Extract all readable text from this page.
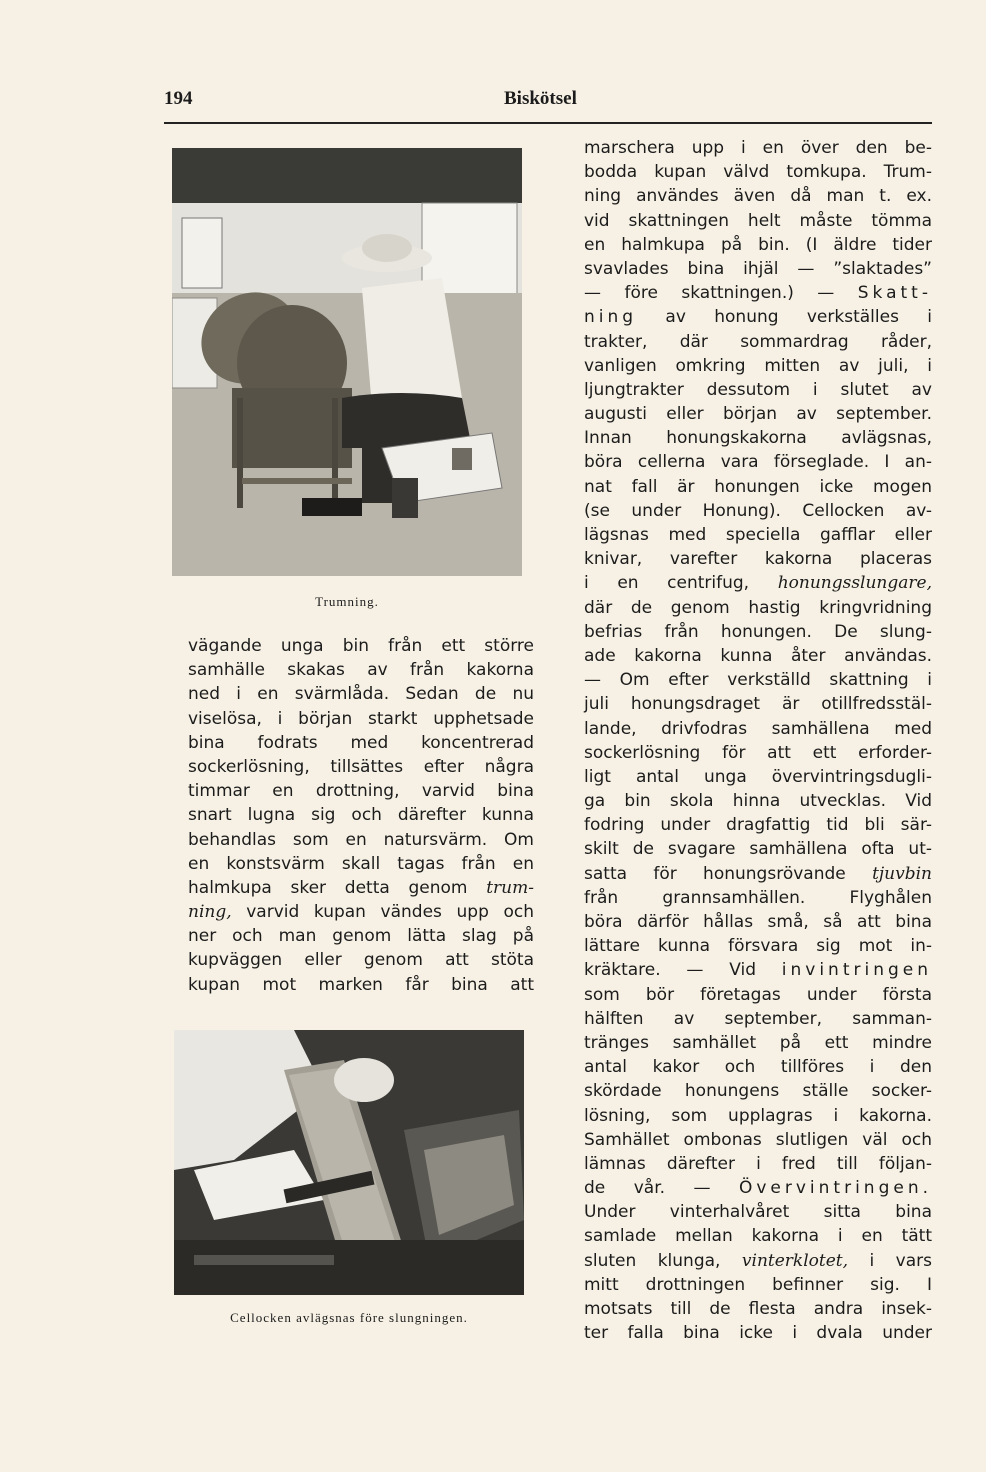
194	Biskötsel
Trumning.
vägande unga bin från ett större
samhälle skakas av från kakorna
ned i en svärmlåda. Sedan de nu
viselösa, i början starkt upphetsade
bina fodrats med koncentrerad
sockerlösning, tillsättes efter några
timmar en drottning, varvid bina
snart lugna sig och därefter kunna
behandlas som en natursvärm. Om
en konstsvärm skall tagas från en
halmkupa sker detta genom trum-
ning, varvid kupan vändes upp och
ner och man genom lätta slag på
kupväggen eller genom att stöta
kupan mot marken får bina att
Cellocken avlägsnas före slungningen.
marschera upp i en över den be-
bodda kupan välvd tomkupa. Trum-
ning användes även då man t. ex.
vid skattningen helt måste tömma
en halmkupa på bin. (I äldre tider
svavlades bina ihjäl — ”slaktades”
— före skattningen.) — Skatt-
ning av honung verkställes i
trakter, där sommardrag råder,
vanligen omkring mitten av juli, i
ljungtrakter dessutom i slutet av
augusti eller början av september.
Innan honungskakorna avlägsnas,
böra cellerna vara förseglade. I an-
nat fall är honungen icke mogen
(se under Honung). Cellocken av-
lägsnas med speciella gafflar eller
knivar, varefter kakorna placeras
i en centrifug, honungsslungare,
där de genom hastig kringvridning
befrias från honungen. De slung-
ade kakorna kunna åter användas.
— Om efter verkställd skattning i
juli honungsdraget är otillfredsstäl-
lande, drivfodras samhällena med
sockerlösning för att ett erforder-
ligt antal unga övervintringsdugli-
ga bin skola hinna utvecklas. Vid
fodring under dragfattig tid bli sär-
skilt de svagare samhällena ofta ut-
satta för honungsrövande tjuvbin
från grannsamhällen. Flyghålen
böra därför hållas små, så att bina
lättare kunna försvara sig mot in-
kräktare. — Vid invintringen
som bör företagas under första
hälften av september, samman-
tränges samhället på ett mindre
antal kakor och tillföres i den
skördade honungens ställe socker-
lösning, som upplagras i kakorna.
Samhället ombonas slutligen väl och
lämnas därefter i fred till följan-
de vår. — Övervintringen.
Under vinterhalvåret sitta bina
samlade mellan kakorna i en tätt
sluten klunga, vinterklotet, i vars
mitt drottningen befinner sig. I
motsats till de flesta andra insek-
ter falla bina icke i dvala under
